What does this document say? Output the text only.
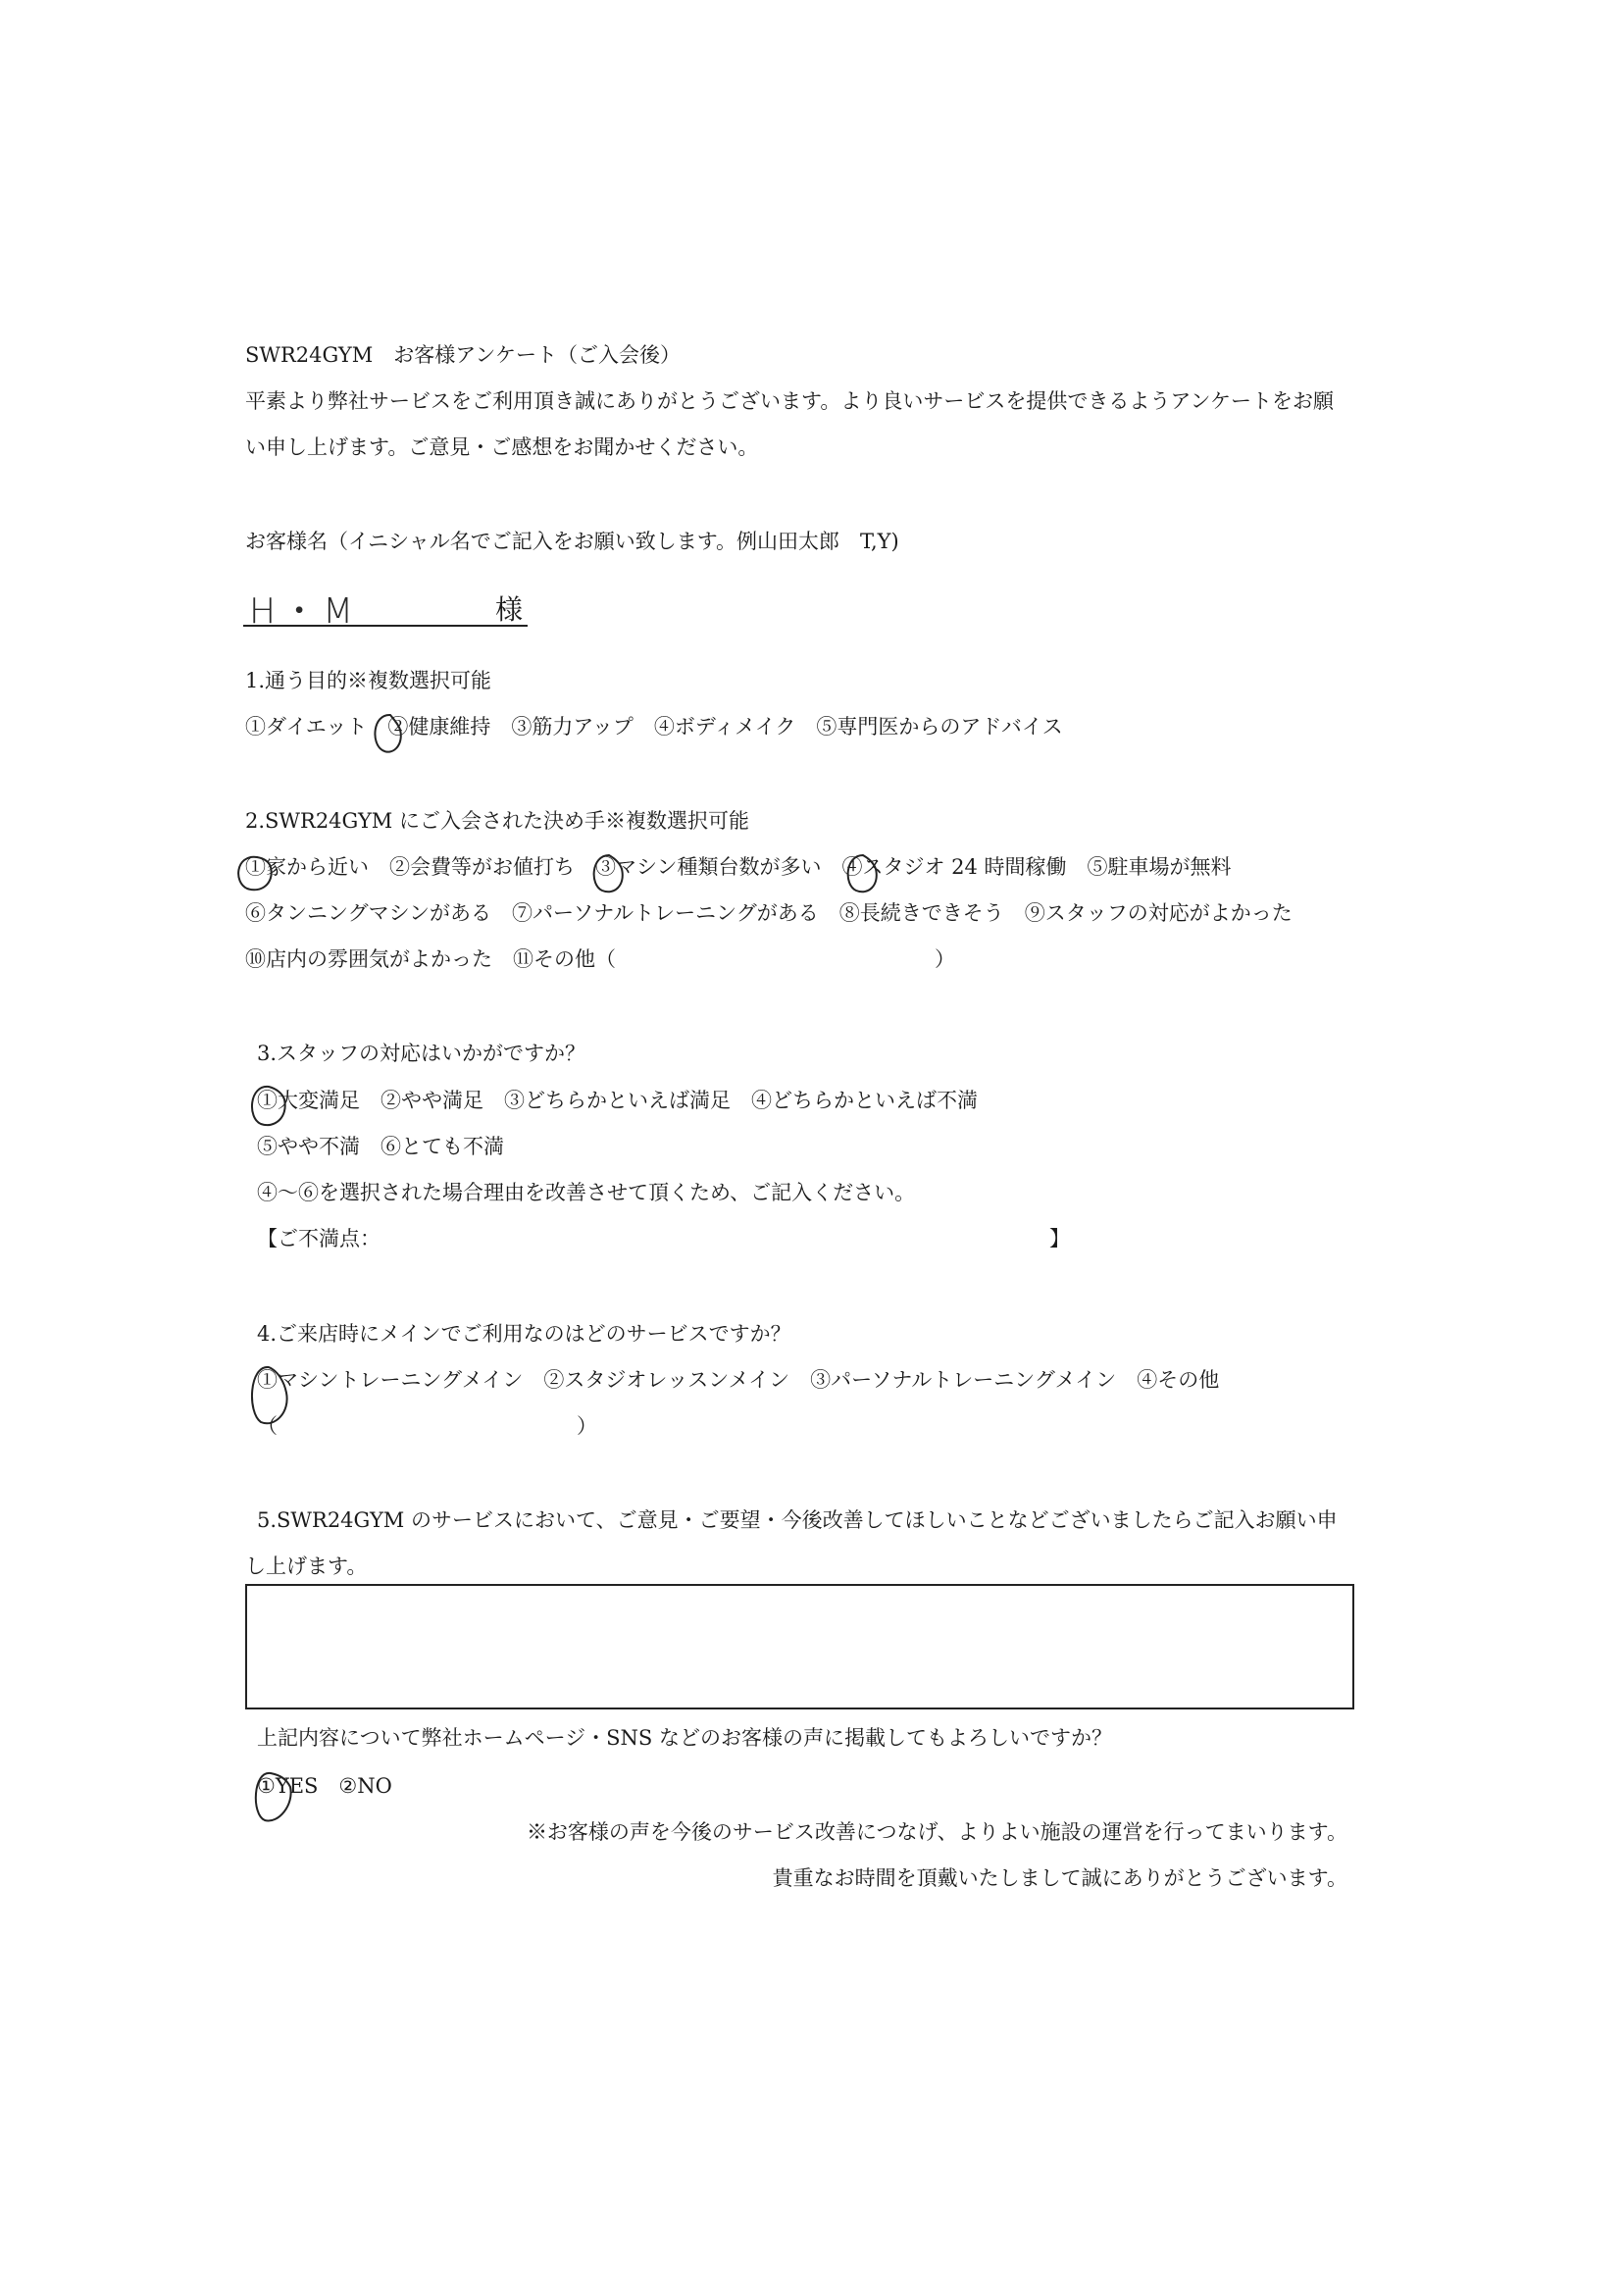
SWR24GYM　お客様アンケート（ご入会後）
平素より弊社サービスをご利用頂き誠にありがとうございます。より良いサービスを提供できるようアンケートをお願
い申し上げます。ご意見・ご感想をお聞かせください。
お客様名（イニシャル名でご記入をお願い致します。例山田太郎　T,Y)
H・M	様
1.通う目的※複数選択可能
①ダイエット　②健康維持　③筋力アップ　④ボディメイク　⑤専門医からのアドバイス
2.SWR24GYM にご入会された決め手※複数選択可能
①家から近い　②会費等がお値打ち　③マシン種類台数が多い　④スタジオ 24 時間稼働　⑤駐車場が無料
⑥タンニングマシンがある　⑦パーソナルトレーニングがある　⑧長続きできそう　⑨スタッフの対応がよかった
⑩店内の雰囲気がよかった　⑪その他（	）
3.スタッフの対応はいかがですか？
①大変満足　②やや満足　③どちらかといえば満足　④どちらかといえば不満
⑤やや不満　⑥とても不満
④～⑥を選択された場合理由を改善させて頂くため、ご記入ください。
【ご不満点：	】
4.ご来店時にメインでご利用なのはどのサービスですか？
①マシントレーニングメイン　②スタジオレッスンメイン　③パーソナルトレーニングメイン　④その他
（	）
5.SWR24GYM のサービスにおいて、ご意見・ご要望・今後改善してほしいことなどございましたらご記入お願い申
し上げます。
上記内容について弊社ホームページ・SNS などのお客様の声に掲載してもよろしいですか？
①YES　②NO
※お客様の声を今後のサービス改善につなげ、よりよい施設の運営を行ってまいります。
貴重なお時間を頂戴いたしまして誠にありがとうございます。
